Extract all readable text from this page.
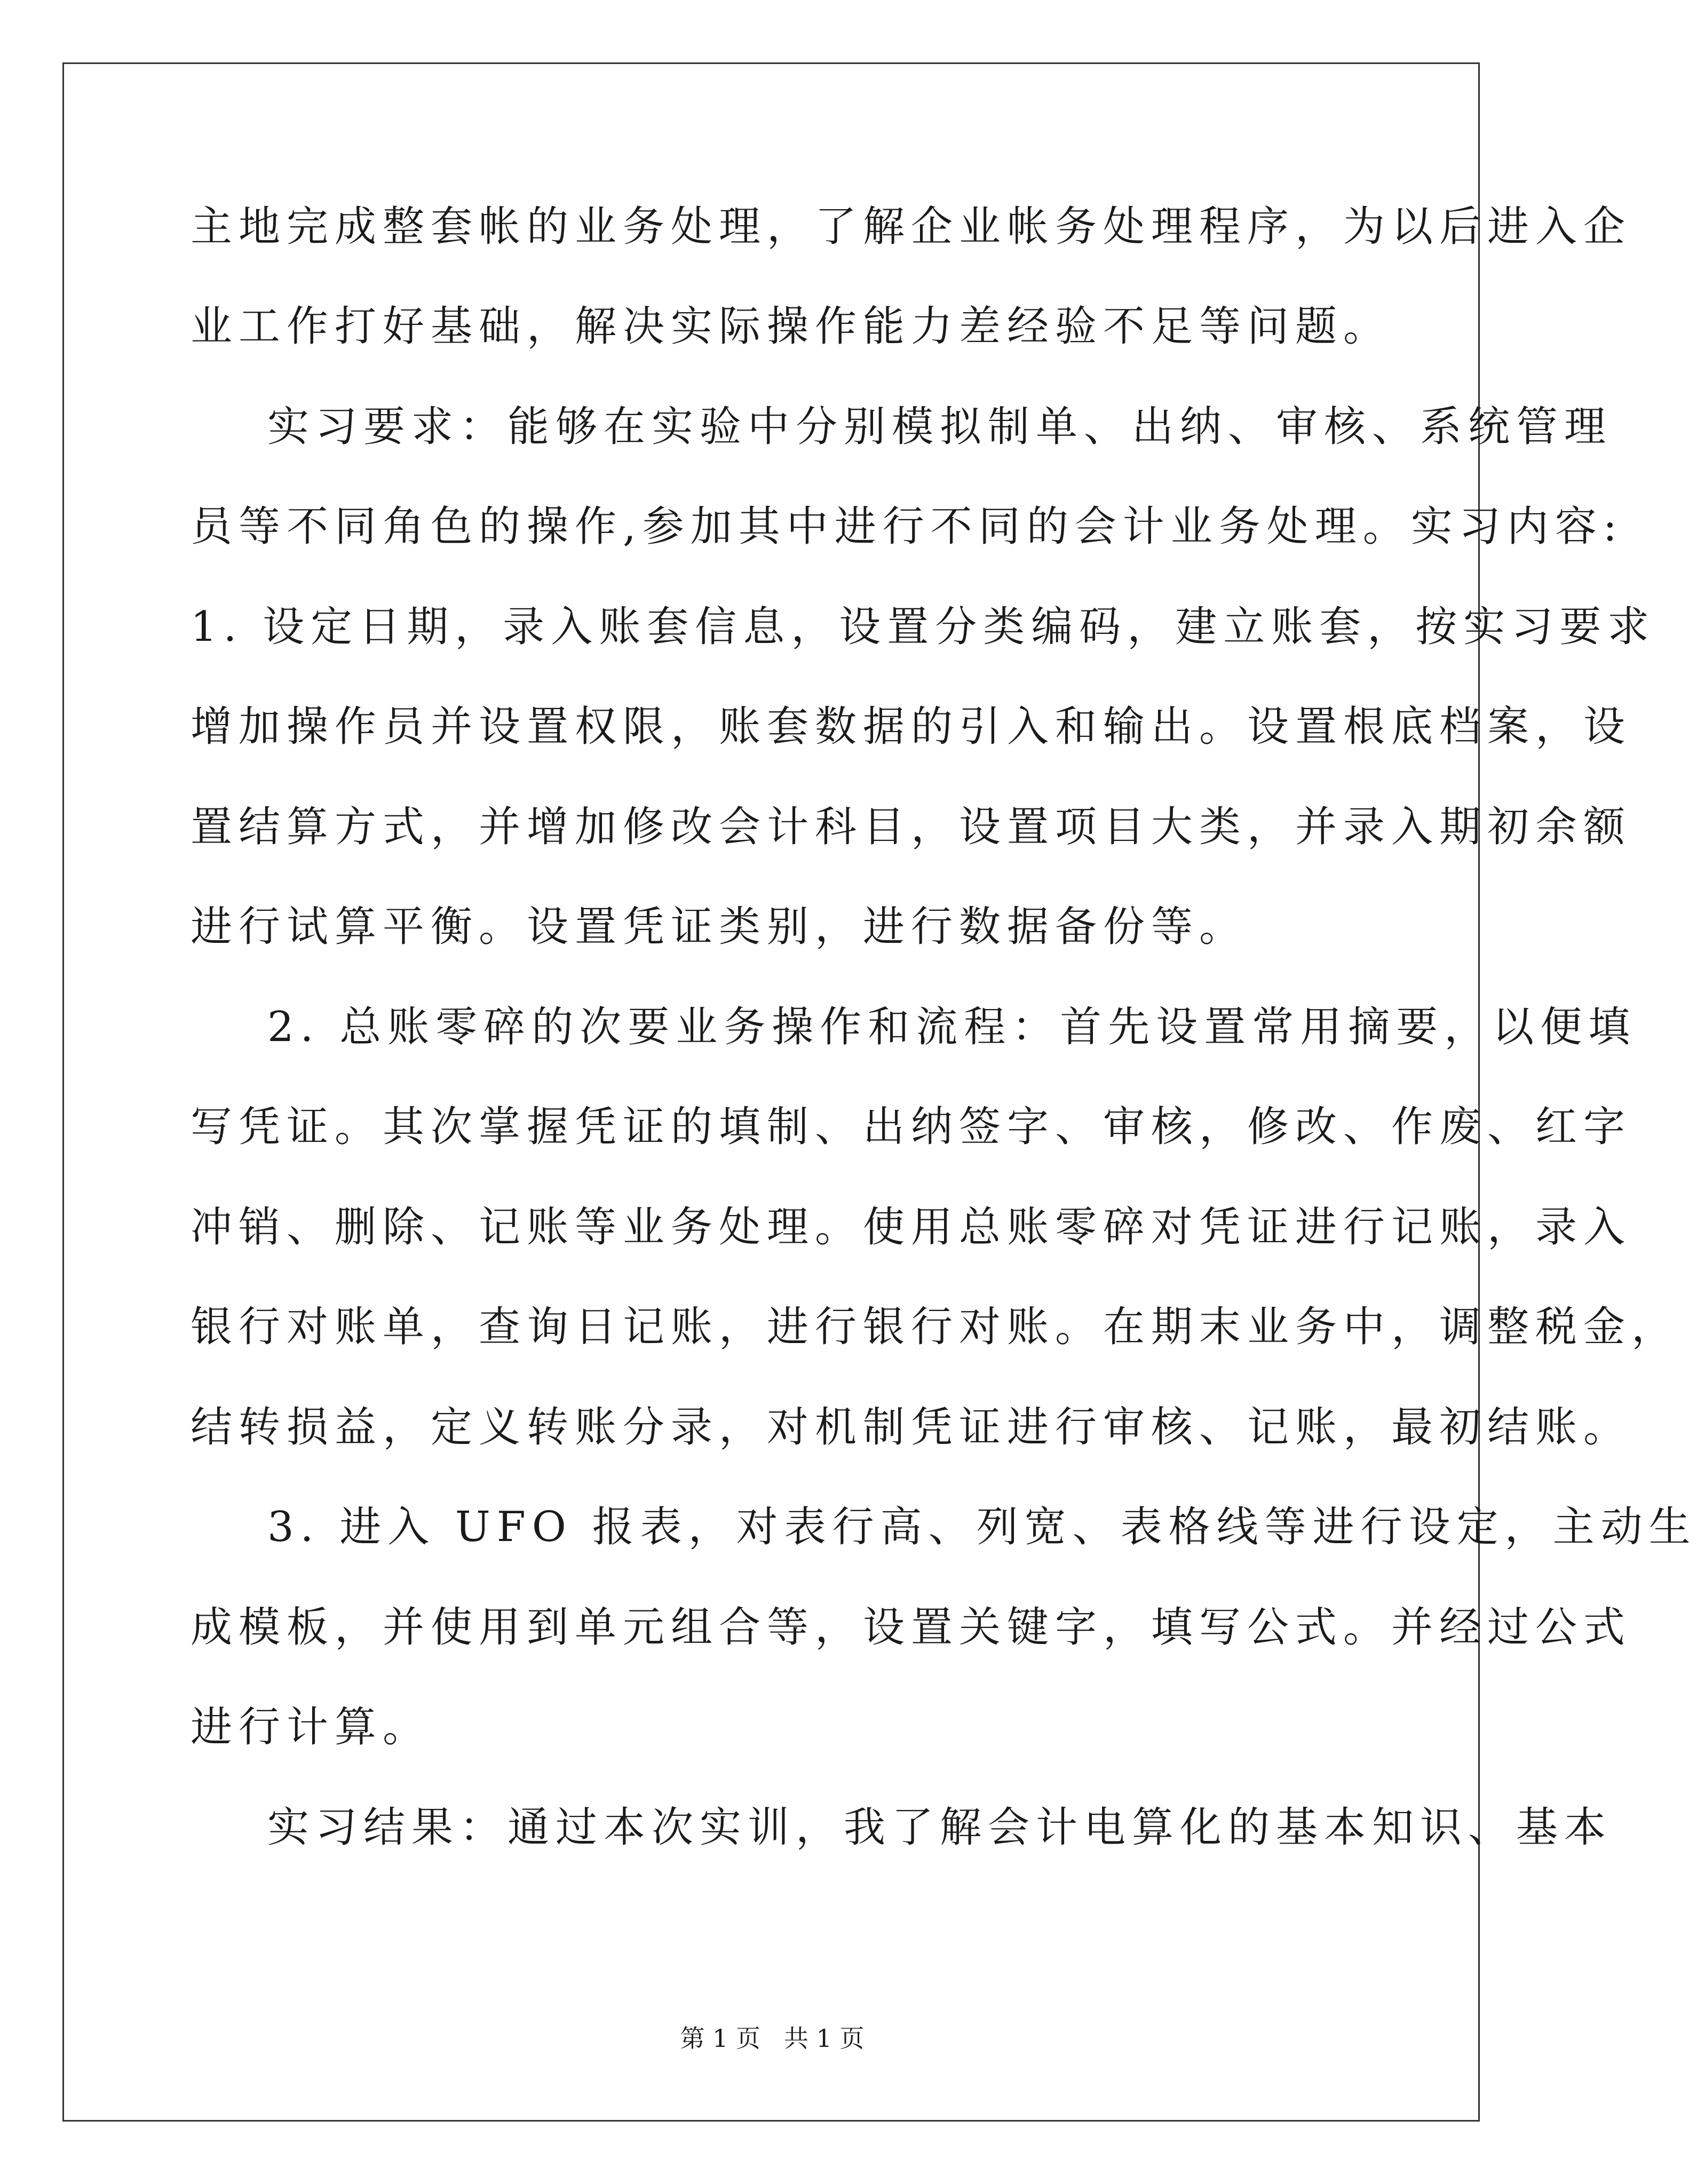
主地完成整套帐的业务处理，了解企业帐务处理程序，为以后进入企
业工作打好基础，解决实际操作能力差经验不足等问题。
实习要求：能够在实验中分别模拟制单、出纳、审核、系统管理
员等不同角色的操作,参加其中进行不同的会计业务处理。实习内容:
1. 设定日期，录入账套信息，设置分类编码，建立账套，按实习要求
增加操作员并设置权限，账套数据的引入和输出。设置根底档案，设
置结算方式，并增加修改会计科目，设置项目大类，并录入期初余额
进行试算平衡。设置凭证类别，进行数据备份等。
2. 总账零碎的次要业务操作和流程：首先设置常用摘要，以便填
写凭证。其次掌握凭证的填制、出纳签字、审核，修改、作废、红字
冲销、删除、记账等业务处理。使用总账零碎对凭证进行记账，录入
银行对账单，查询日记账，进行银行对账。在期末业务中，调整税金，
结转损益，定义转账分录，对机制凭证进行审核、记账，最初结账。
3. 进入 UFO 报表，对表行高、列宽、表格线等进行设定，主动生
成模板，并使用到单元组合等，设置关键字，填写公式。并经过公式
进行计算。
实习结果：通过本次实训，我了解会计电算化的基本知识、基本
第 1 页   共 1 页
